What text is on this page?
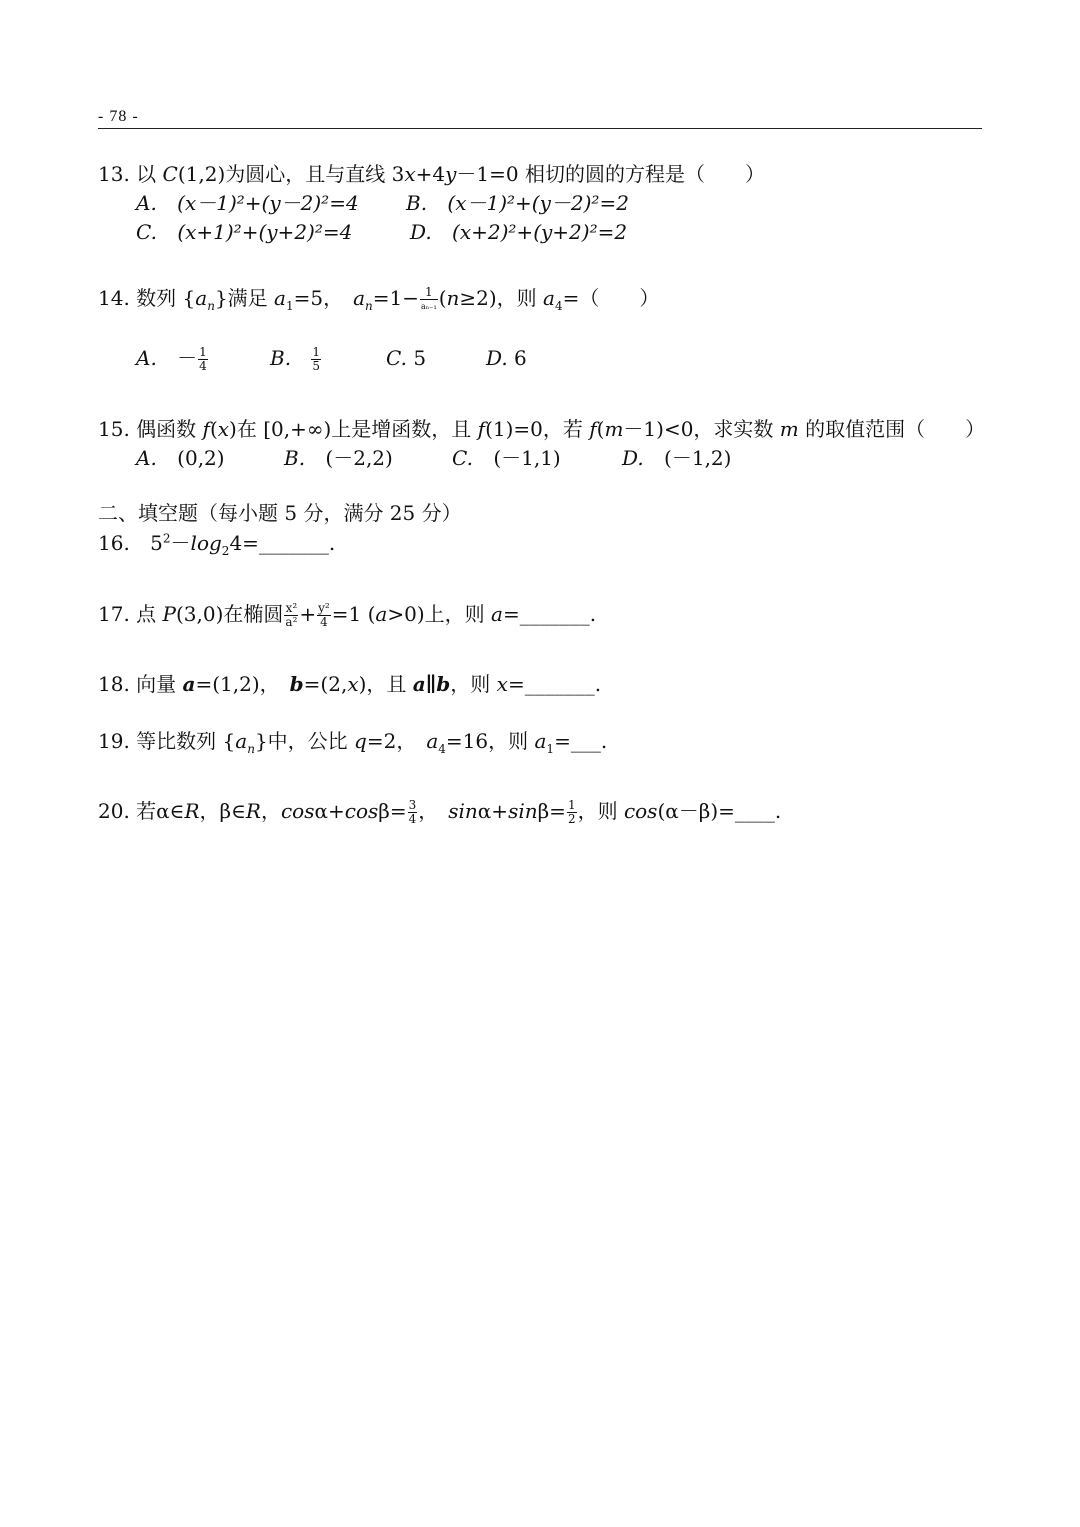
- 78 -
13. 以 C(1,2)为圆心，且与直线 3x+4y－1=0 相切的圆的方程是（　　）
A. (x－1)²+(y－2)²=4 B. (x－1)²+(y－2)²=2
C. (x+1)²+(y+2)²=4	D. (x+2)²+(y+2)²=2
14. 数列 $\{a_n\}$满足 $a_1=5$，　$a_n=1- \frac{1}{\text{aₙ₋₁}} (n\ge 2)$，则 $a_4=$（　　）
A. － $\frac{1}{4}$	B. $\frac{1}{5}$	C. 5	D. 6
15. 偶函数 f(x)在 [0,+∞)上是增函数，且 f(1)=0，若 f(m－1)<0，求实数 m 的取值范围（　　）
A. (0,2)	B. (－2,2)	C. (－1,1)	D. (－1,2)
二、填空题（每小题 5 分，满分 25 分）
16. $5^2-\log_24=\_\_\_\_\_\_\_$.
17. 点 P(3,0)在椭圆 $\frac{\text{x²}}{\text{a²}} + \frac{\text{y²}}{4} =1$ (a>0)上，则 a=_______.
18. 向量 a=(1,2)，　b=(2,x)，且 a∥b，则 x=_______.
19. 等比数列 $\{a_n\}$中，公比 q=2，　$a_4=16$，则 $a_1=\_\_\_$.
20. 若α∈R，β∈R，$\cos\alpha+\cos\beta= \frac{3}{4}$ ，　$\sin\alpha+\sin\beta= \frac{1}{2}$ ，则 cos(α－β)=____.
